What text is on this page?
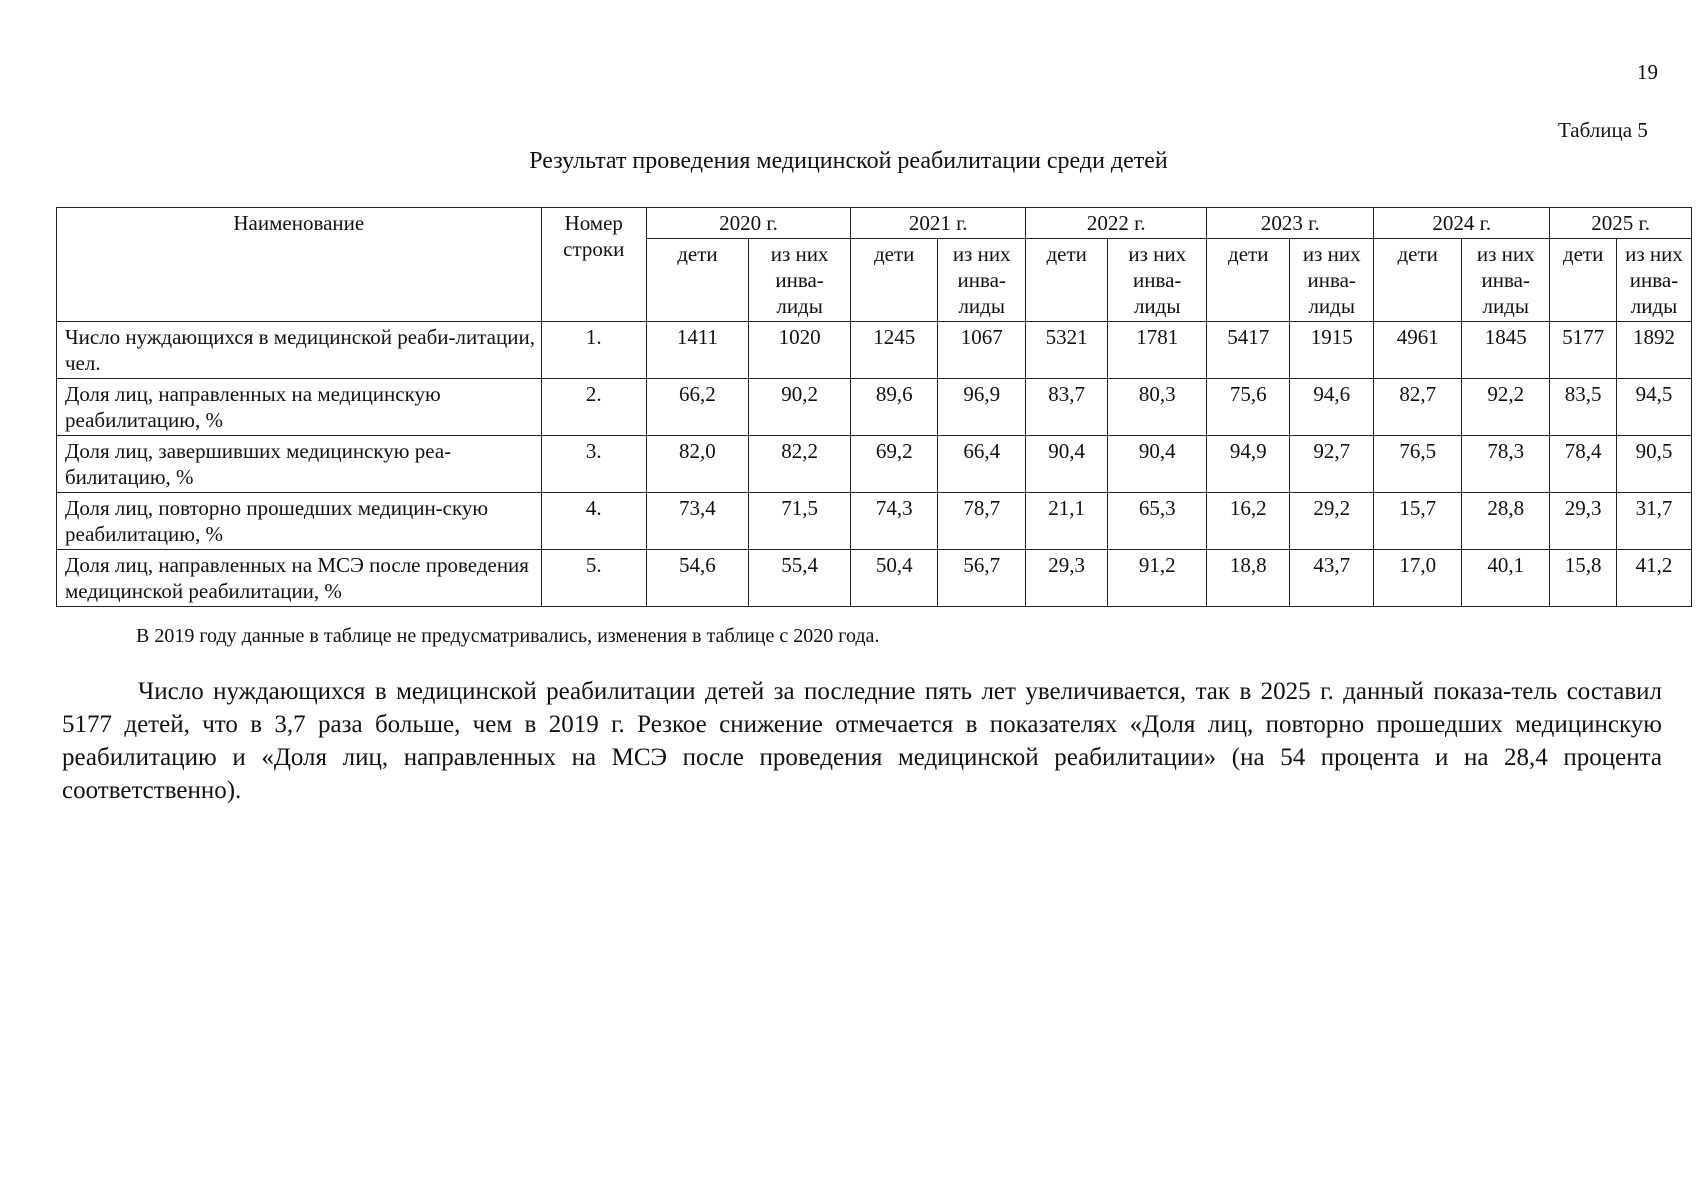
19
Таблица 5
Результат проведения медицинской реабилитации среди детей
Наименование	Номер строки	2020 г.		2021 г.		2022 г.		2023 г.		2024 г.		2025 г.	
		дети	из них инва-лиды	дети	из них инва-лиды	дети	из них инва-лиды	дети	из них инва-лиды	дети	из них инва-лиды	дети	из них инва-лиды
Число нуждающихся в медицинской реаби-литации, чел.	1.	1411	1020	1245	1067	5321	1781	5417	1915	4961	1845	5177	1892
Доля лиц, направленных на медицинскую реабилитацию, %	2.	66,2	90,2	89,6	96,9	83,7	80,3	75,6	94,6	82,7	92,2	83,5	94,5
Доля лиц, завершивших медицинскую реа-билитацию, %	3.	82,0	82,2	69,2	66,4	90,4	90,4	94,9	92,7	76,5	78,3	78,4	90,5
Доля лиц, повторно прошедших медицин-скую реабилитацию, %	4.	73,4	71,5	74,3	78,7	21,1	65,3	16,2	29,2	15,7	28,8	29,3	31,7
Доля лиц, направленных на МСЭ после проведения медицинской реабилитации, %	5.	54,6	55,4	50,4	56,7	29,3	91,2	18,8	43,7	17,0	40,1	15,8	41,2
В 2019 году данные в таблице не предусматривались, изменения в таблице с 2020 года.
Число нуждающихся в медицинской реабилитации детей за последние пять лет увеличивается, так в 2025 г. данный показа-тель составил 5177 детей, что в 3,7 раза больше, чем в 2019 г. Резкое снижение отмечается в показателях «Доля лиц, повторно прошедших медицинскую реабилитацию и «Доля лиц, направленных на МСЭ после проведения медицинской реабилитации» (на 54 процента и на 28,4 процента соответственно).
